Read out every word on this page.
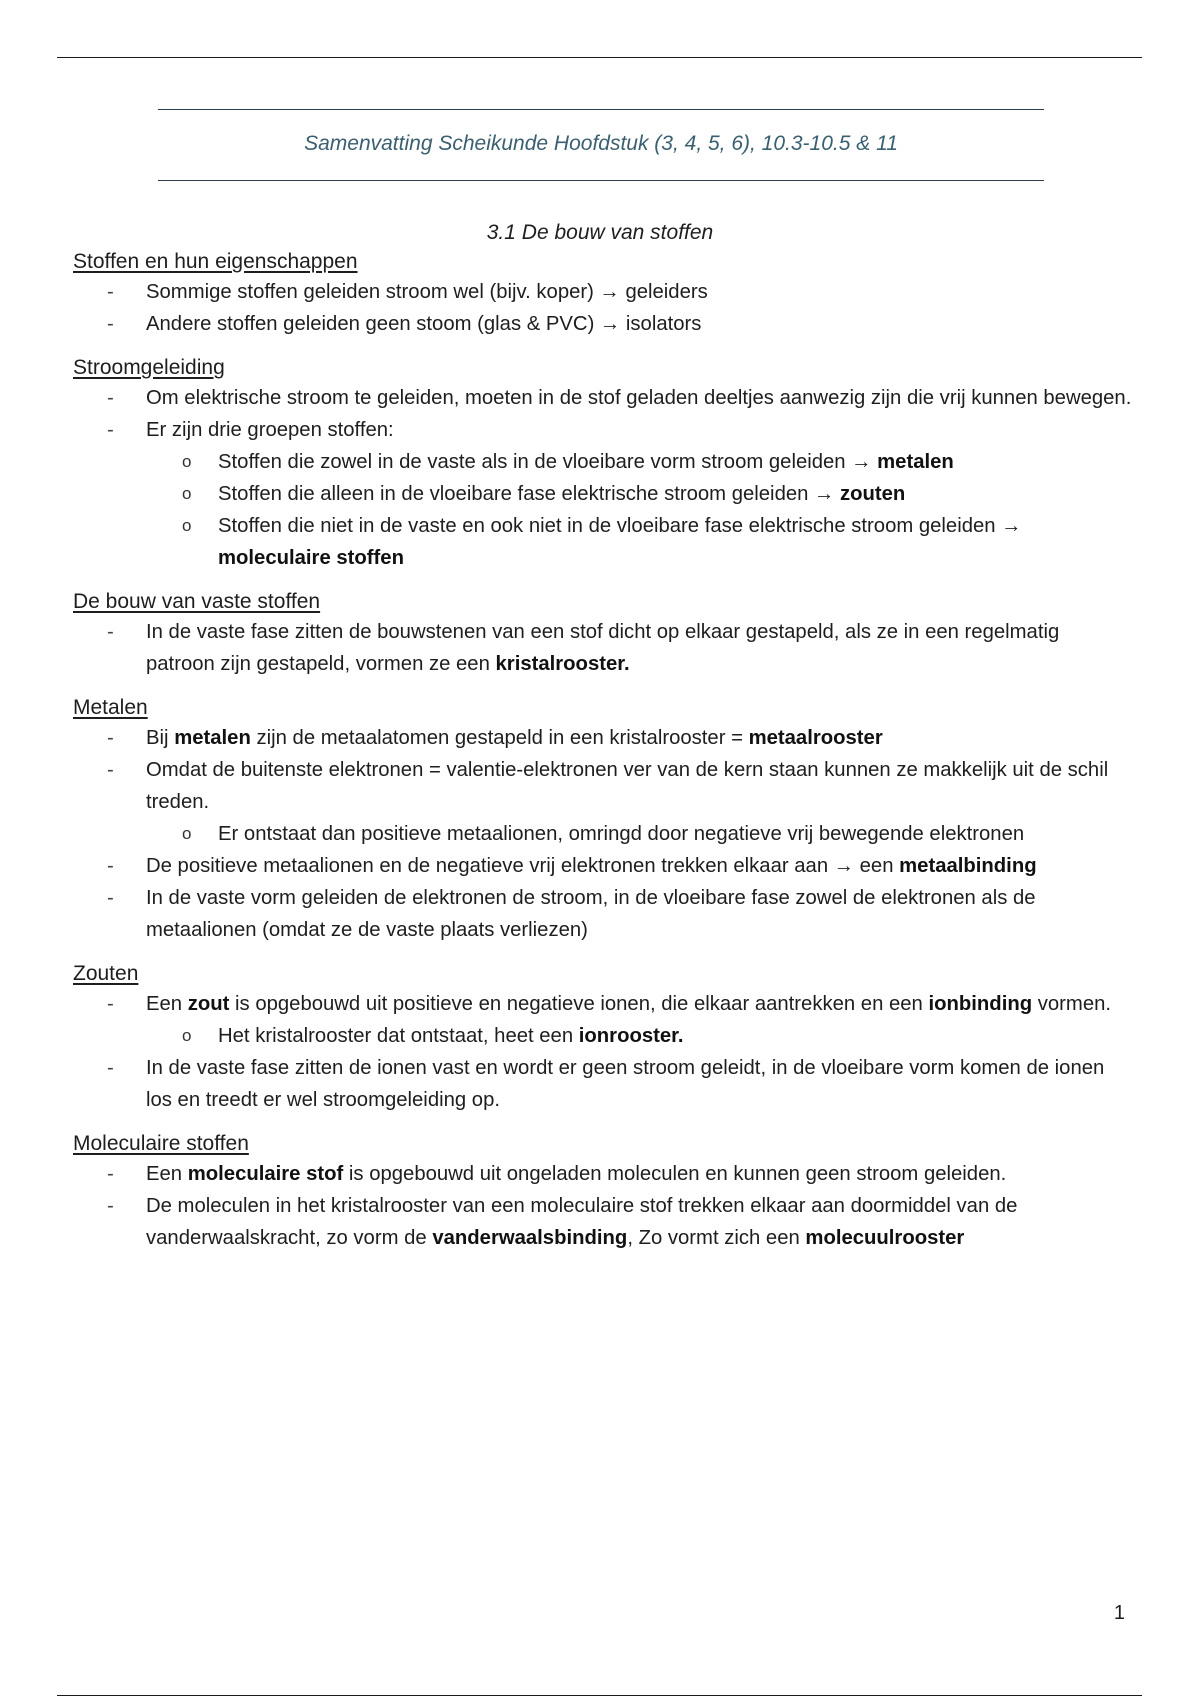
Samenvatting Scheikunde Hoofdstuk (3, 4, 5, 6), 10.3-10.5 & 11
3.1 De bouw van stoffen
Stoffen en hun eigenschappen
- Sommige stoffen geleiden stroom wel (bijv. koper) → geleiders
- Andere stoffen geleiden geen stoom (glas & PVC) → isolators
Stroomgeleiding
- Om elektrische stroom te geleiden, moeten in de stof geladen deeltjes aanwezig zijn die vrij kunnen bewegen.
- Er zijn drie groepen stoffen:
o Stoffen die zowel in de vaste als in de vloeibare vorm stroom geleiden → metalen
o Stoffen die alleen in de vloeibare fase elektrische stroom geleiden → zouten
o Stoffen die niet in de vaste en ook niet in de vloeibare fase elektrische stroom geleiden → moleculaire stoffen
De bouw van vaste stoffen
- In de vaste fase zitten de bouwstenen van een stof dicht op elkaar gestapeld, als ze in een regelmatig patroon zijn gestapeld, vormen ze een kristalrooster.
Metalen
- Bij metalen zijn de metaalatomen gestapeld in een kristalrooster = metaalrooster
- Omdat de buitenste elektronen = valentie-elektronen ver van de kern staan kunnen ze makkelijk uit de schil treden.
o Er ontstaat dan positieve metaalionen, omringd door negatieve vrij bewegende elektronen
- De positieve metaalionen en de negatieve vrij elektronen trekken elkaar aan → een metaalbinding
- In de vaste vorm geleiden de elektronen de stroom, in de vloeibare fase zowel de elektronen als de metaalionen (omdat ze de vaste plaats verliezen)
Zouten
- Een zout is opgebouwd uit positieve en negatieve ionen, die elkaar aantrekken en een ionbinding vormen.
o Het kristalrooster dat ontstaat, heet een ionrooster.
- In de vaste fase zitten de ionen vast en wordt er geen stroom geleidt, in de vloeibare vorm komen de ionen los en treedt er wel stroomgeleiding op.
Moleculaire stoffen
- Een moleculaire stof is opgebouwd uit ongeladen moleculen en kunnen geen stroom geleiden.
- De moleculen in het kristalrooster van een moleculaire stof trekken elkaar aan doormiddel van de vanderwaalskracht, zo vorm de vanderwaalsbinding, Zo vormt zich een molecuulrooster
1
